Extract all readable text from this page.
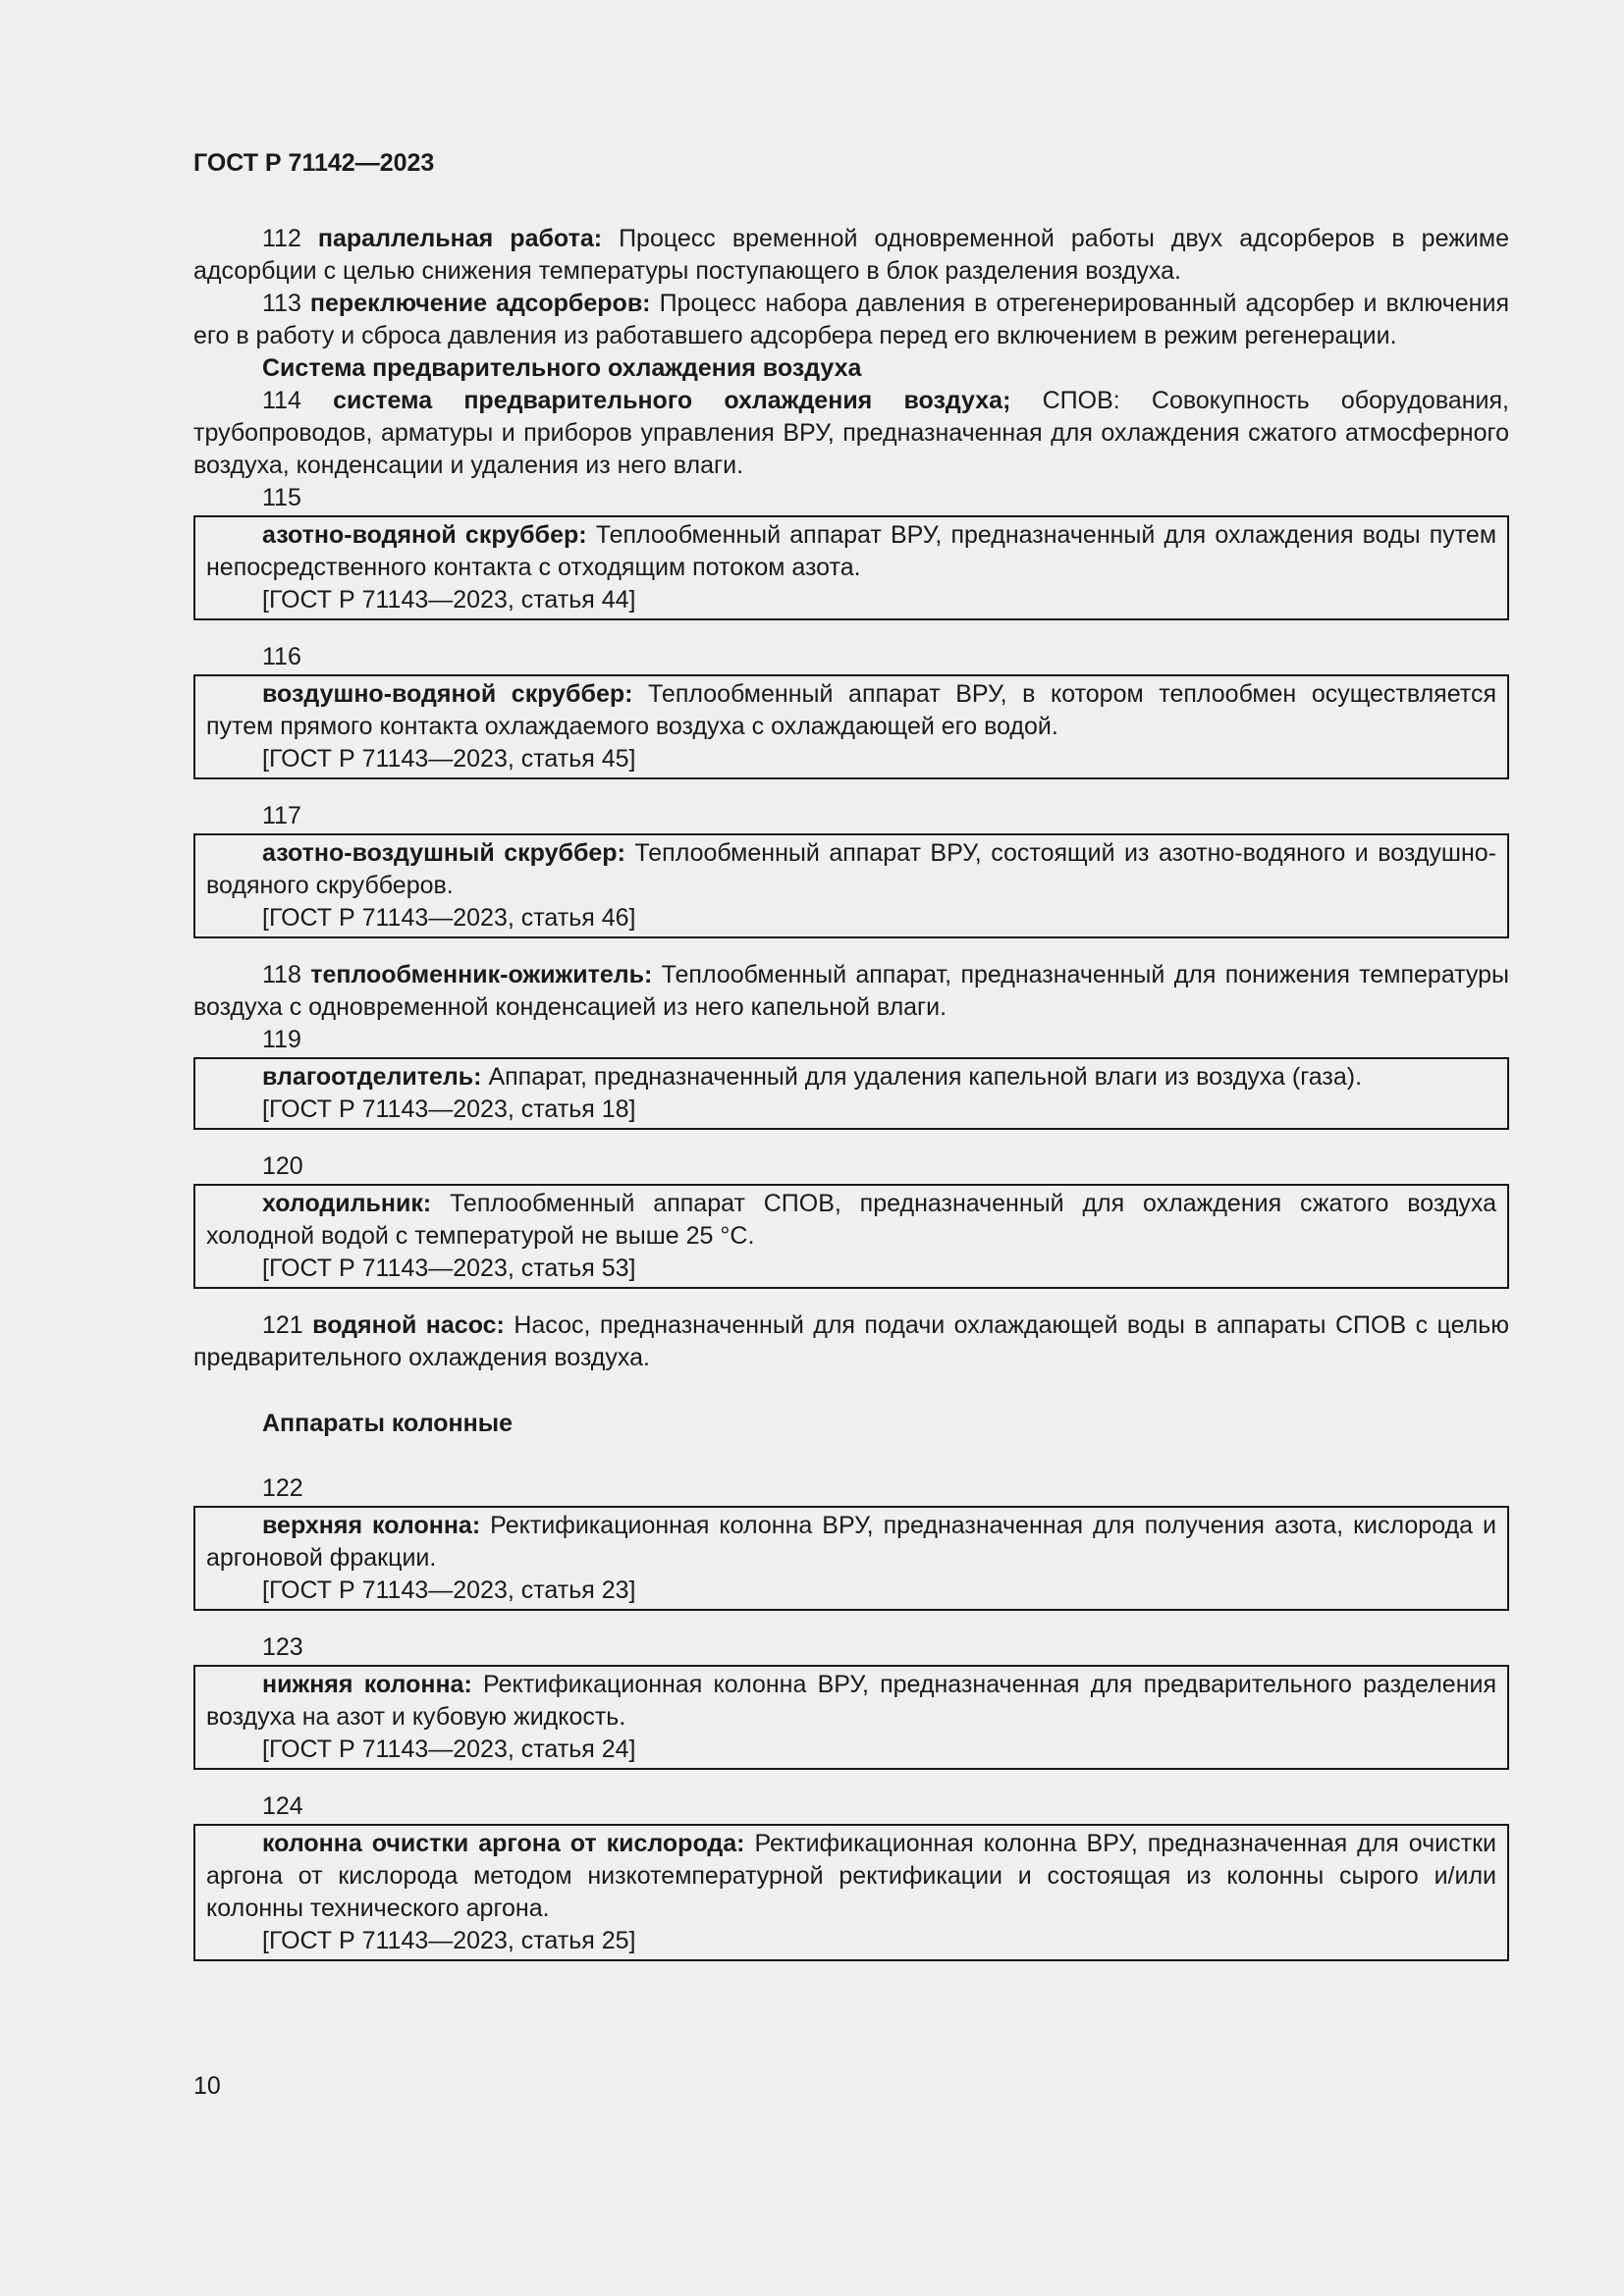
ГОСТ Р 71142—2023

112 параллельная работа: Процесс временной одновременной работы двух адсорберов в режиме адсорбции с целью снижения температуры поступающего в блок разделения воздуха.

113 переключение адсорберов: Процесс набора давления в отрегенерированный адсорбер и включения его в работу и сброса давления из работавшего адсорбера перед его включением в режим регенерации.

Система предварительного охлаждения воздуха

114 система предварительного охлаждения воздуха; СПОВ: Совокупность оборудования, трубопроводов, арматуры и приборов управления ВРУ, предназначенная для охлаждения сжатого атмосферного воздуха, конденсации и удаления из него влаги.

115

азотно-водяной скруббер: Теплообменный аппарат ВРУ, предназначенный для охлаждения воды путем непосредственного контакта с отходящим потоком азота.

[ГОСТ Р 71143—2023, статья 44]

116

воздушно-водяной скруббер: Теплообменный аппарат ВРУ, в котором теплообмен осуществляется путем прямого контакта охлаждаемого воздуха с охлаждающей его водой.

[ГОСТ Р 71143—2023, статья 45]

117

азотно-воздушный скруббер: Теплообменный аппарат ВРУ, состоящий из азотно-водяного и воздушно-водяного скрубберов.

[ГОСТ Р 71143—2023, статья 46]

118 теплообменник-ожижитель: Теплообменный аппарат, предназначенный для понижения температуры воздуха с одновременной конденсацией из него капельной влаги.

119

влагоотделитель: Аппарат, предназначенный для удаления капельной влаги из воздуха (газа).

[ГОСТ Р 71143—2023, статья 18]

120

холодильник: Теплообменный аппарат СПОВ, предназначенный для охлаждения сжатого воздуха холодной водой с температурой не выше 25 °С.

[ГОСТ Р 71143—2023, статья 53]

121 водяной насос: Насос, предназначенный для подачи охлаждающей воды в аппараты СПОВ с целью предварительного охлаждения воздуха.

Аппараты колонные

122

верхняя колонна: Ректификационная колонна ВРУ, предназначенная для получения азота, кислорода и аргоновой фракции.

[ГОСТ Р 71143—2023, статья 23]

123

нижняя колонна: Ректификационная колонна ВРУ, предназначенная для предварительного разделения воздуха на азот и кубовую жидкость.

[ГОСТ Р 71143—2023, статья 24]

124

колонна очистки аргона от кислорода: Ректификационная колонна ВРУ, предназначенная для очистки аргона от кислорода методом низкотемпературной ректификации и состоящая из колонны сырого и/или колонны технического аргона.

[ГОСТ Р 71143—2023, статья 25]

10
